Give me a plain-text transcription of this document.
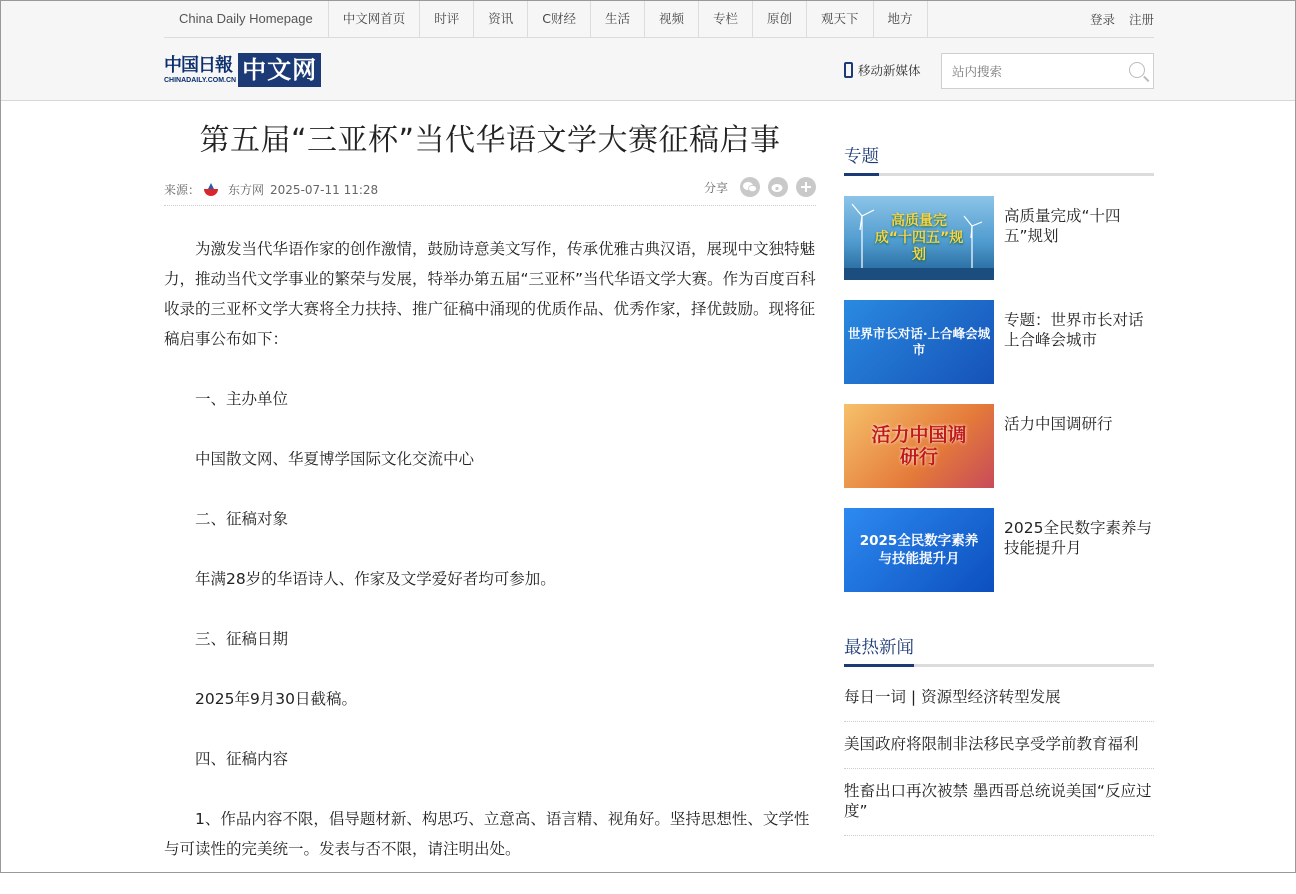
China Daily Homepage	中文网首页	时评	资讯	C财经	生活	视频	专栏	原创	观天下	地方	登录 注册
中国日報
CHINADAILY.COM.CN 中文网	移动新媒体
站内搜索
第五届“三亚杯”当代华语文学大赛征稿启事
来源： 东方网 2025-07-11 11:28	分享

为激发当代华语作家的创作激情，鼓励诗意美文写作，传承优雅古典汉语，展现中文独特魅力，推动当代文学事业的繁荣与发展，特举办第五届“三亚杯”当代华语文学大赛。作为百度百科收录的三亚杯文学大赛将全力扶持、推广征稿中涌现的优质作品、优秀作家，择优鼓励。现将征稿启事公布如下：

一、主办单位

中国散文网、华夏博学国际文化交流中心

二、征稿对象

年满28岁的华语诗人、作家及文学爱好者均可参加。

三、征稿日期

2025年9月30日截稿。

四、征稿内容

1、作品内容不限，倡导题材新、构思巧、立意高、语言精、视角好。坚持思想性、文学性与可读性的完美统一。发表与否不限，请注明出处。

专题
高质量完成“十四五”规划
高质量完成“十四五”规划
世界市长对话·上合峰会城市
专题：世界市长对话上合峰会城市
活力中国调研行
活力中国调研行
2025全民数字素养与技能提升月
2025全民数字素养与技能提升月
最热新闻
每日一词 | 资源型经济转型发展
美国政府将限制非法移民享受学前教育福利
牲畜出口再次被禁 墨西哥总统说美国“反应过度”
